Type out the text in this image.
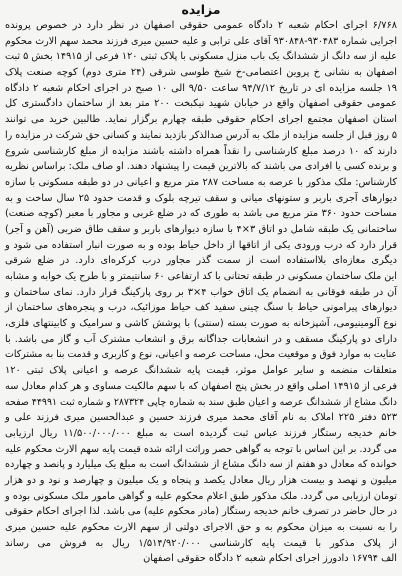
مزایده
۶/۷۶۸ اجرای احکام شعبه ۲ دادگاه عمومی حقوقی اصفهان در نظر دارد در خصوص پرونده
اجرایی شماره ۹۳۰۴۸۳-۹۳۰۸۴۸ آقای علی ترابی و علیه حسین میری فرزند محمد سهم الارث محکوم
علیه از سه دانگ از ششدانگ یک باب منزل مسکونی با پلاک ثبتی ۱۲۰ فرعی از ۱۴۹۱۵ بخش ۵ ثبت
اصفهان به نشانی خ پروین اعتصامی-خ شیخ طوسی شرقی (۲۴ متری دوم) کوچه صنعت پلاک
۱۹ جلسه مزایده ای در تاریخ ۹۴/۷/۱۲ ساعت ۹/۵۰ الی ۱۰ صبح در اجرای احکام شعبه ۲ دادگاه
عمومی حقوقی اصفهان واقع در خیابان شهید نیکبخت ۲۰۰ متر بعد از ساختمان دادگستری کل
استان اصفهان مجتمع اجرای احکام حقوقی طبقه چهارم برگزار نماید. طالبین خرید می توانند
۵ روز قبل از جلسه مزایده از ملک به آدرس صدالذکر بازدید نمایند و کسانی حق شرکت در مزایده را
دارند که ۱۰ درصد مبلغ کارشناسی را نقداً همراه داشته باشند مزایده از مبلغ کارشناسی شروع
و برنده کسی یا افرادی می باشند که بالاترین قیمت را پیشنهاد دهند. او صاف ملک: براساس نظریه
کارشناس: ملک مذکور با عرصه به مساحت ۲۸۷ متر مربع و اعیانی در دو طبقه مسکونی با سازه
دیوارهای آجری باربر و ستونهای میانی و سقف تیرچه بلوک و قدمت حدود ۲۵ سال ساخت و به
مساحت حدود ۳۶۰ متر مربع می باشد به طوری که در ضلع غربی و مجاور با معبر (کوچه صنعت)
ساختمانی یک طبقه شامل دو اتاق ۳×۴ با سازه دیوارهای باربر و سقف طاق ضربی (آهن و آجر)
قرار دارد که درب ورودی یکی از اتاقها از داخل حیاط بوده و به صورت انبار استفاده می شود و
دیگری مغازه‌ای بلااستفاده است از سمت گذر مجاور درب کرکره‌ای دارد. در ضلع شرقی
این ملک ساختمان مسکونی در طبقه تحتانی با کد ارتفاعی ۶۰ سانتیمتر و با طرح یک خوابه و مشابه
آن در طبقه فوقانی به انضمام یک اتاق خواب ۴×۳ بر روی پارکینگ قرار دارد. نمای ساختمان و
دیوارهای پیرامونی حیاط با سنگ چینی سفید کف حیاط موزائیک، درب و پنجره‌های ساختمان از
نوع آلومینیومی، آشپزخانه به صورت بسته (سنتی) با پوشش کاشی و سرامیک و کابینتهای فلزی،
دارای دو پارکینگ مسقف و در انشعابات جداگانه برق و انشعاب مشترک آب و گاز می باشد. با
عنایت به موارد فوق و موقعیت محل، مساحت عرصه و اعیانی، نوع و کاربری و قدمت بنا به مشترکات
متعلقات منضمه و سایر عوامل موثر، قیمت پایه ششدانگ عرصه و اعیانی پلاک ثبتی ۱۲۰
فرعی از ۱۴۹۱۵ اصلی واقع در بخش پنج اصفهان که با سهم مالکیت مساوی و هر کدام معادل سه
دانگ مشاع از ششدانگ عرصه و اعیان طبق سند به شماره چاپی ۲۸۷۳۲۴ و شماره ثبت ۴۴۹۹۱ صفحه
۵۲۳ دفتر ۲۲۵ املاک به نام آقای محمد میری فرزند حسین و عبدالحسین میری فرزند علی و
خانم خدیجه رستگار فرزند عباس ثبت گردیده است به مبلغ ۱۱/۵۰۰/۰۰۰/۰۰۰ ریال ارزیابی
می گردد. بر این اساس با توجه به گواهی حصر وراثت ارائه شده قیمت پایه سهم الارث محکوم علیه
خوانده که معادل دو هفتم از سه دانگ مشاع از ششدانگ است به مبلغ یک میلیارد و پانصد و چهارده
میلیون و نهصد و بیست هزار ریال معادل یکصد و پنجاه و یک میلیون و چهارصد و نود و دو هزار
تومان ارزیابی می گردد. ملک مذکور طبق اعلام محکوم علیه و گواهی مامور ملک مسکونی بوده و
در حال حاضر در تصرف خانم خدیجه رستگار (مادر محکوم علیه) می باشد. لذا اجرای احکام حقوقی
را به نسبت به میزان محکوم به و حق الاجرای دولتی از سهم الارث محکوم علیه حسین میری
از پلاک مذکور با قیمت پایه کارشناسی ۱/۵۱۴/۹۲۰/۰۰۰ ریال به فروش می رساند
الف ۱۶۷۹۴ دادورز اجرای احکام شعبه ۲ دادگاه حقوقی اصفهان
